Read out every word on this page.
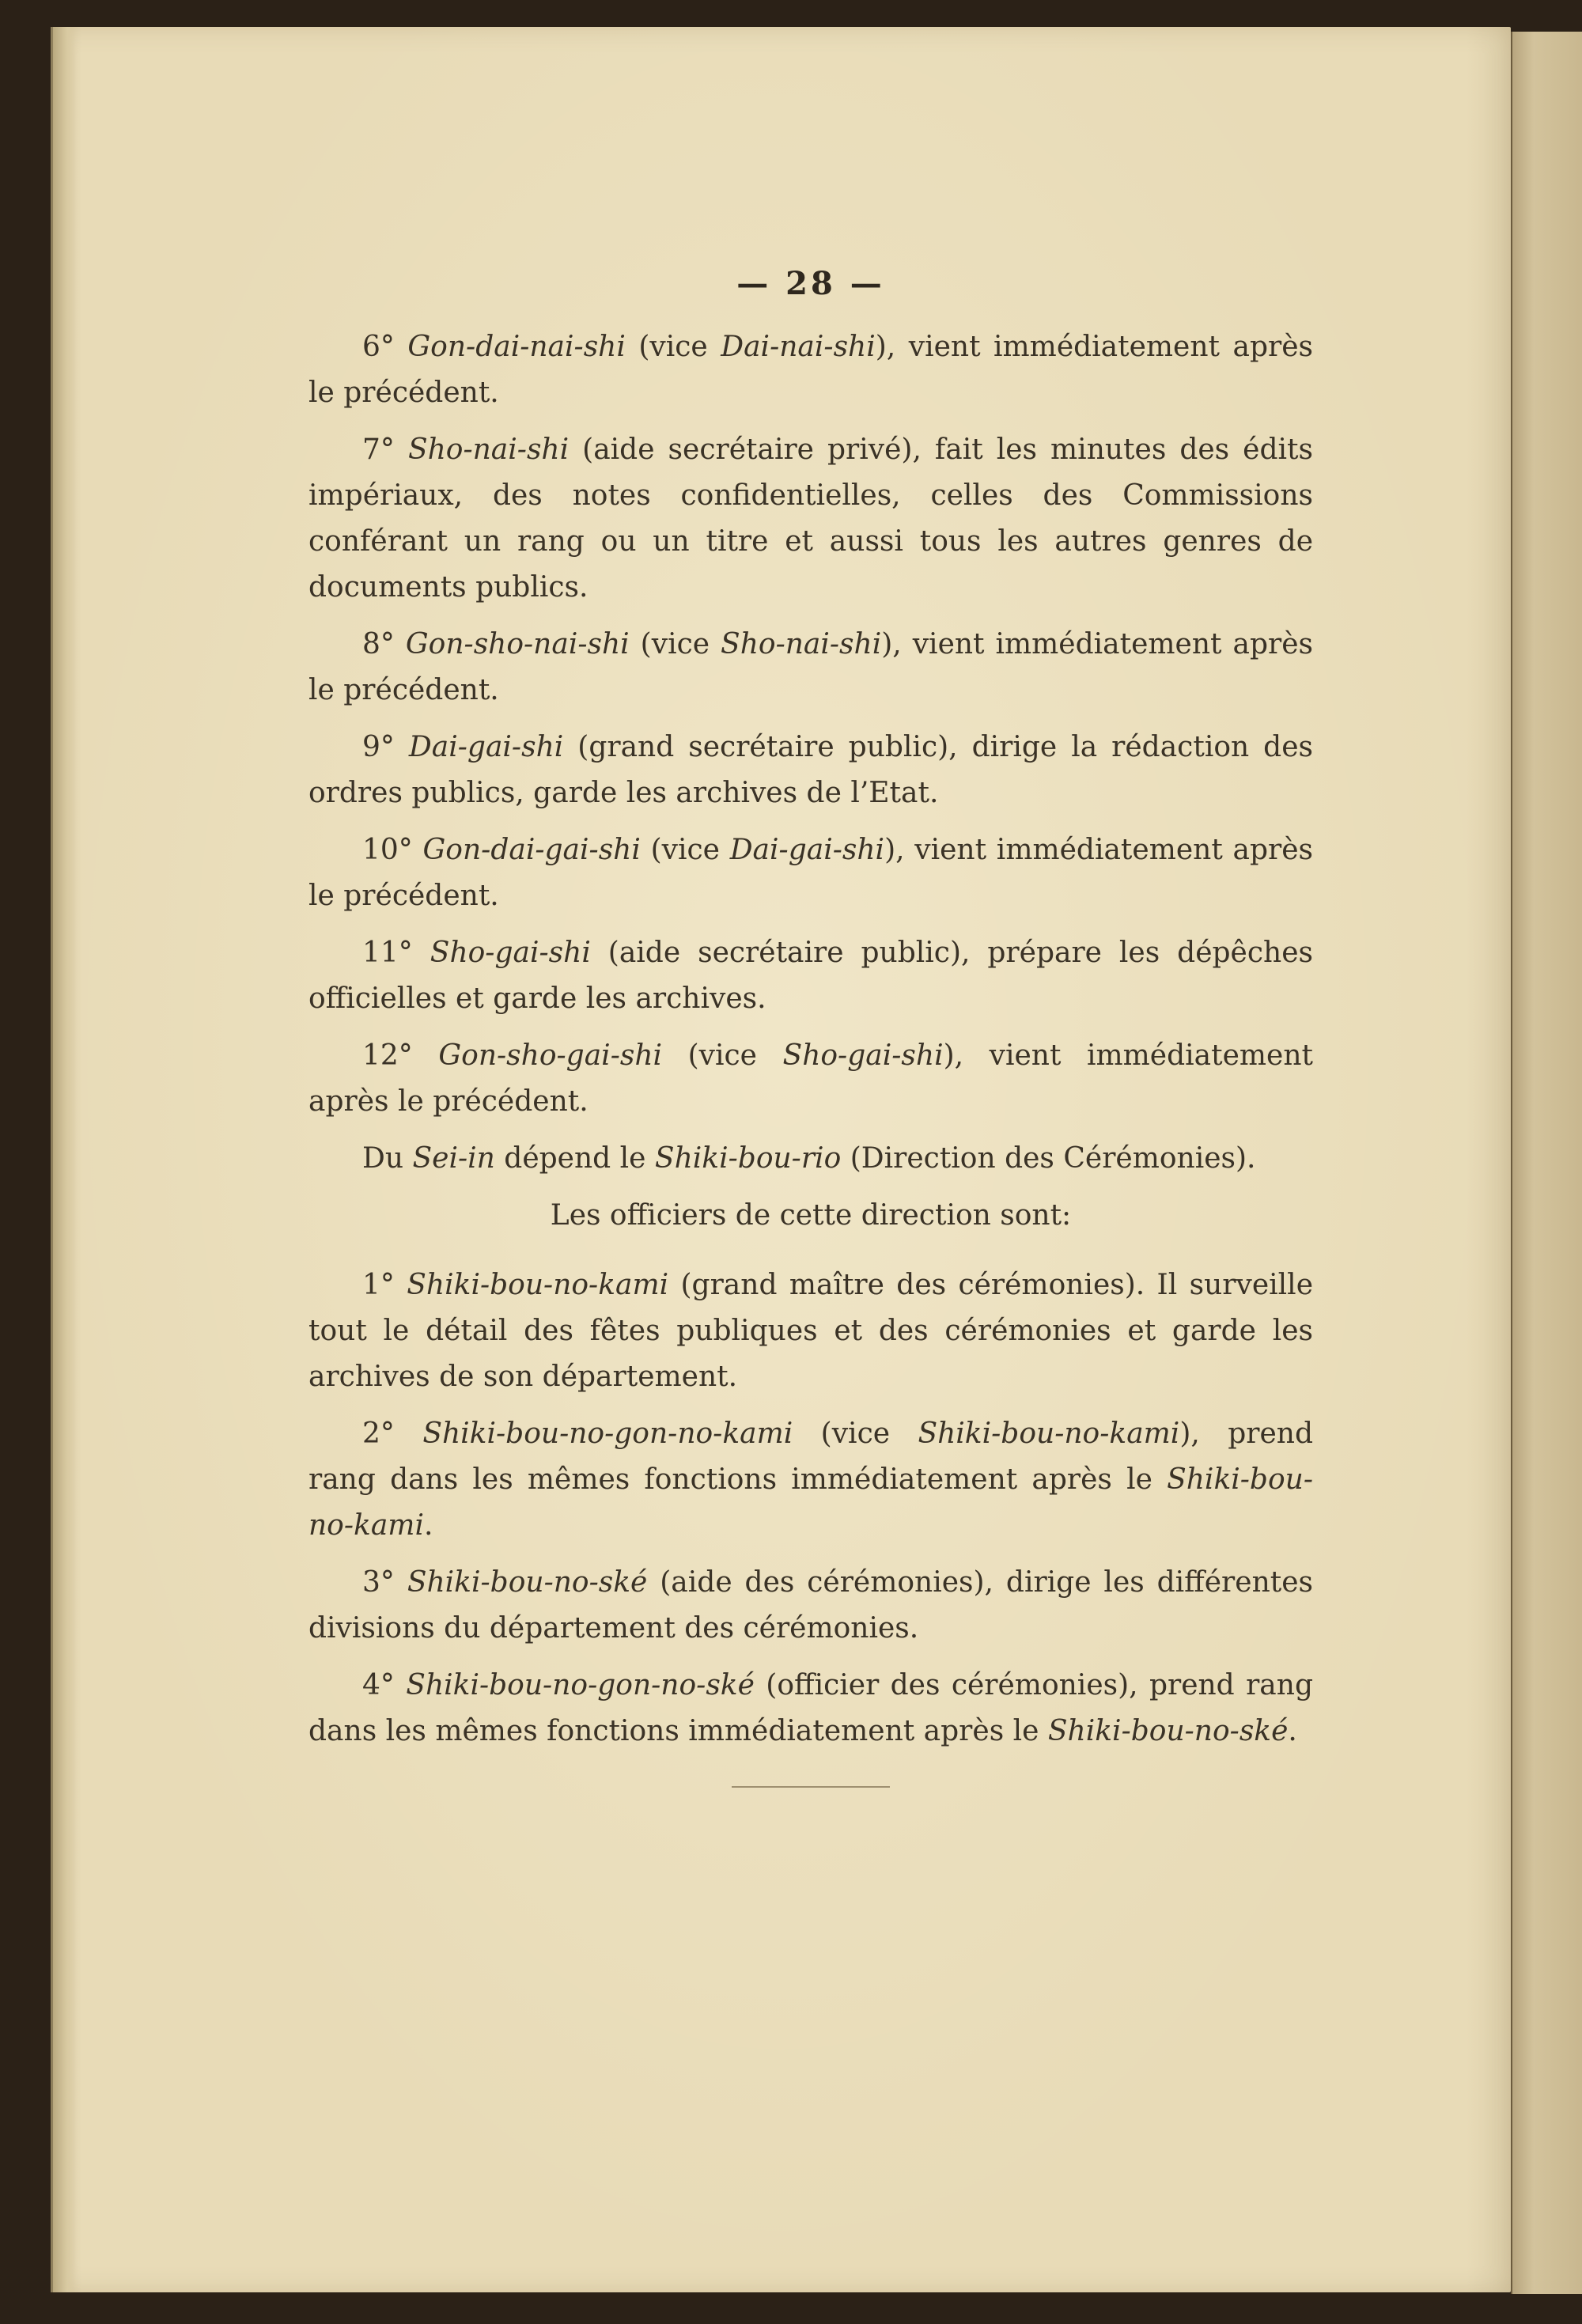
— 28 —

6° Gon-dai-nai-shi (vice Dai-nai-shi), vient immédiatement après le précédent.

7° Sho-nai-shi (aide secrétaire privé), fait les minutes des édits impériaux, des notes confidentielles, celles des Commissions conférant un rang ou un titre et aussi tous les autres genres de documents publics.

8° Gon-sho-nai-shi (vice Sho-nai-shi), vient immédiatement après le précédent.

9° Dai-gai-shi (grand secrétaire public), dirige la rédaction des ordres publics, garde les archives de l’Etat.

10° Gon-dai-gai-shi (vice Dai-gai-shi), vient immédiatement après le précédent.

11° Sho-gai-shi (aide secrétaire public), prépare les dépêches officielles et garde les archives.

12° Gon-sho-gai-shi (vice Sho-gai-shi), vient immédiatement après le précédent.

Du Sei-in dépend le Shiki-bou-rio (Direction des Cérémonies).

Les officiers de cette direction sont:

1° Shiki-bou-no-kami (grand maître des cérémonies). Il surveille tout le détail des fêtes publiques et des cérémonies et garde les archives de son département.

2° Shiki-bou-no-gon-no-kami (vice Shiki-bou-no-kami), prend rang dans les mêmes fonctions immédiatement après le Shiki-bou-no-kami.

3° Shiki-bou-no-ské (aide des cérémonies), dirige les différentes divisions du département des cérémonies.

4° Shiki-bou-no-gon-no-ské (officier des cérémonies), prend rang dans les mêmes fonctions immédiatement après le Shiki-bou-no-ské.
